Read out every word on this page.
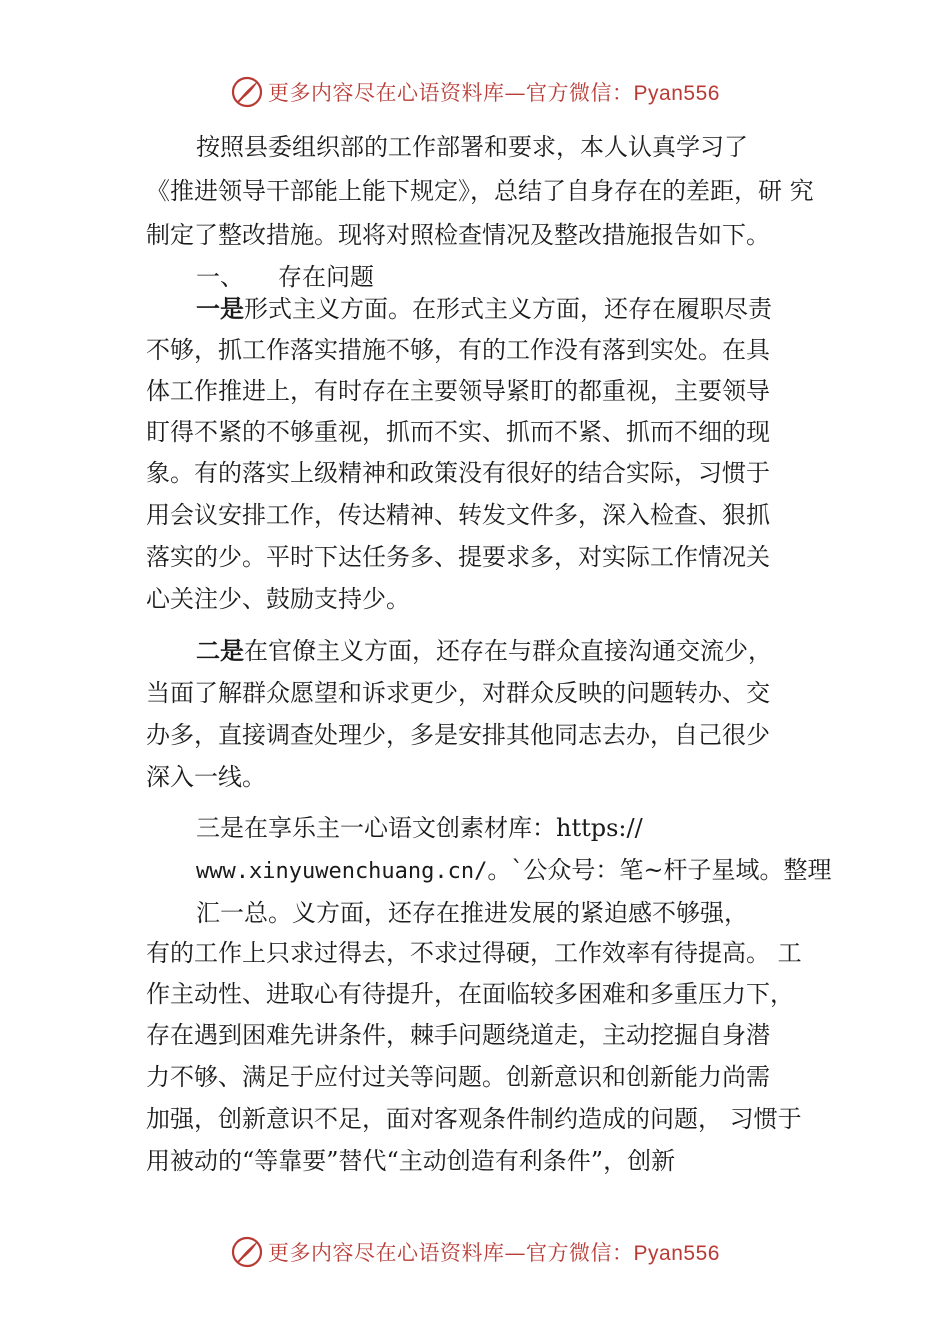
更多内容尽在心语资料库—官方微信：Pyan556
按照县委组织部的工作部署和要求，本人认真学习了
《推进领导干部能上能下规定》，总结了自身存在的差距，研 究
制定了整改措施。现将对照检查情况及整改措施报告如下。
一、 存在问题
一是形式主义方面。在形式主义方面，还存在履职尽责
不够，抓工作落实措施不够，有的工作没有落到实处。在具
体工作推进上，有时存在主要领导紧盯的都重视，主要领导
盯得不紧的不够重视，抓而不实、抓而不紧、抓而不细的现
象。有的落实上级精神和政策没有很好的结合实际，习惯于
用会议安排工作，传达精神、转发文件多，深入检查、狠抓
落实的少。平时下达任务多、提要求多，对实际工作情况关
心关注少、鼓励支持少。
二是在官僚主义方面，还存在与群众直接沟通交流少，
当面了解群众愿望和诉求更少，对群众反映的问题转办、交
办多，直接调查处理少，多是安排其他同志去办，自己很少
深入一线。
三是在享乐主一心语文创素材库：https://
www.xinyuwenchuang.cn/。`公众号：笔~杆子星域。整理
汇一总。义方面，还存在推进发展的紧迫感不够强，
有的工作上只求过得去，不求过得硬，工作效率有待提高。 工
作主动性、进取心有待提升，在面临较多困难和多重压力下，
存在遇到困难先讲条件，棘手问题绕道走，主动挖掘自身潜
力不够、满足于应付过关等问题。创新意识和创新能力尚需
加强，创新意识不足，面对客观条件制约造成的问题， 习惯于
用被动的“等靠要”替代“主动创造有利条件”，创新
更多内容尽在心语资料库—官方微信：Pyan556
